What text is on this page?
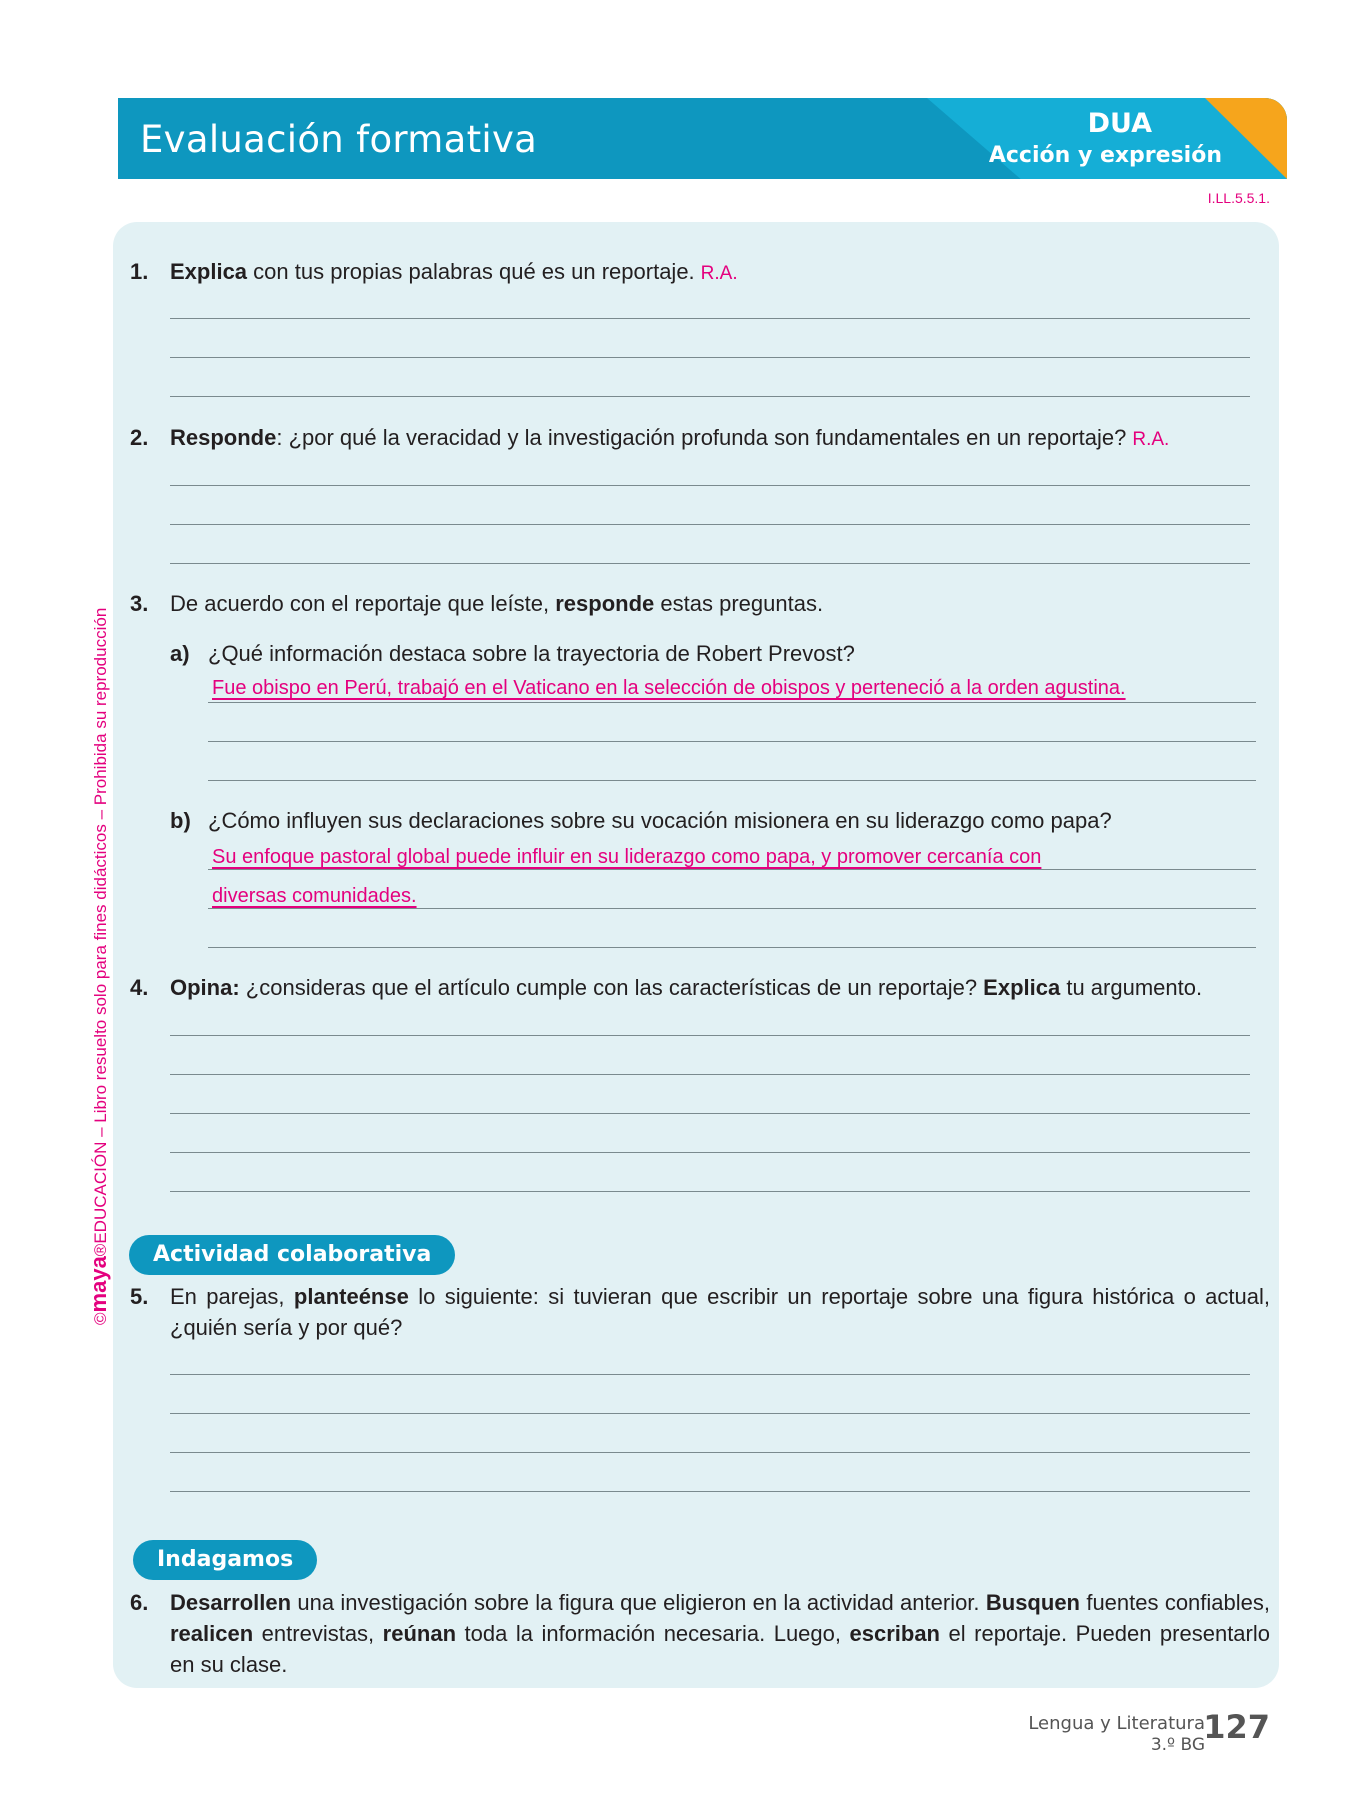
Evaluación formativa	DUA
Acción y expresión
I.LL.5.5.1.
©maya®EDUCACIÓN – Libro resuelto solo para fines didácticos – Prohibida su reproducción
1. Explica con tus propias palabras qué es un reportaje. R.A.
2. Responde: ¿por qué la veracidad y la investigación profunda son fundamentales en un reportaje? R.A.
3. De acuerdo con el reportaje que leíste, responde estas preguntas.
a) ¿Qué información destaca sobre la trayectoria de Robert Prevost?
Fue obispo en Perú, trabajó en el Vaticano en la selección de obispos y perteneció a la orden agustina.
b) ¿Cómo influyen sus declaraciones sobre su vocación misionera en su liderazgo como papa?
Su enfoque pastoral global puede influir en su liderazgo como papa, y promover cercanía con
diversas comunidades.
4. Opina: ¿consideras que el artículo cumple con las características de un reportaje? Explica tu argumento.
Actividad colaborativa
5. En parejas, planteénse lo siguiente: si tuvieran que escribir un reportaje sobre una figura histórica o actual, ¿quién sería y por qué?
Indagamos
6. Desarrollen una investigación sobre la figura que eligieron en la actividad anterior. Busquen fuentes confiables, realicen entrevistas, reúnan toda la información necesaria. Luego, escriban el reportaje. Pueden presentarlo en su clase.
Lengua y Literatura
3.º BG
127
